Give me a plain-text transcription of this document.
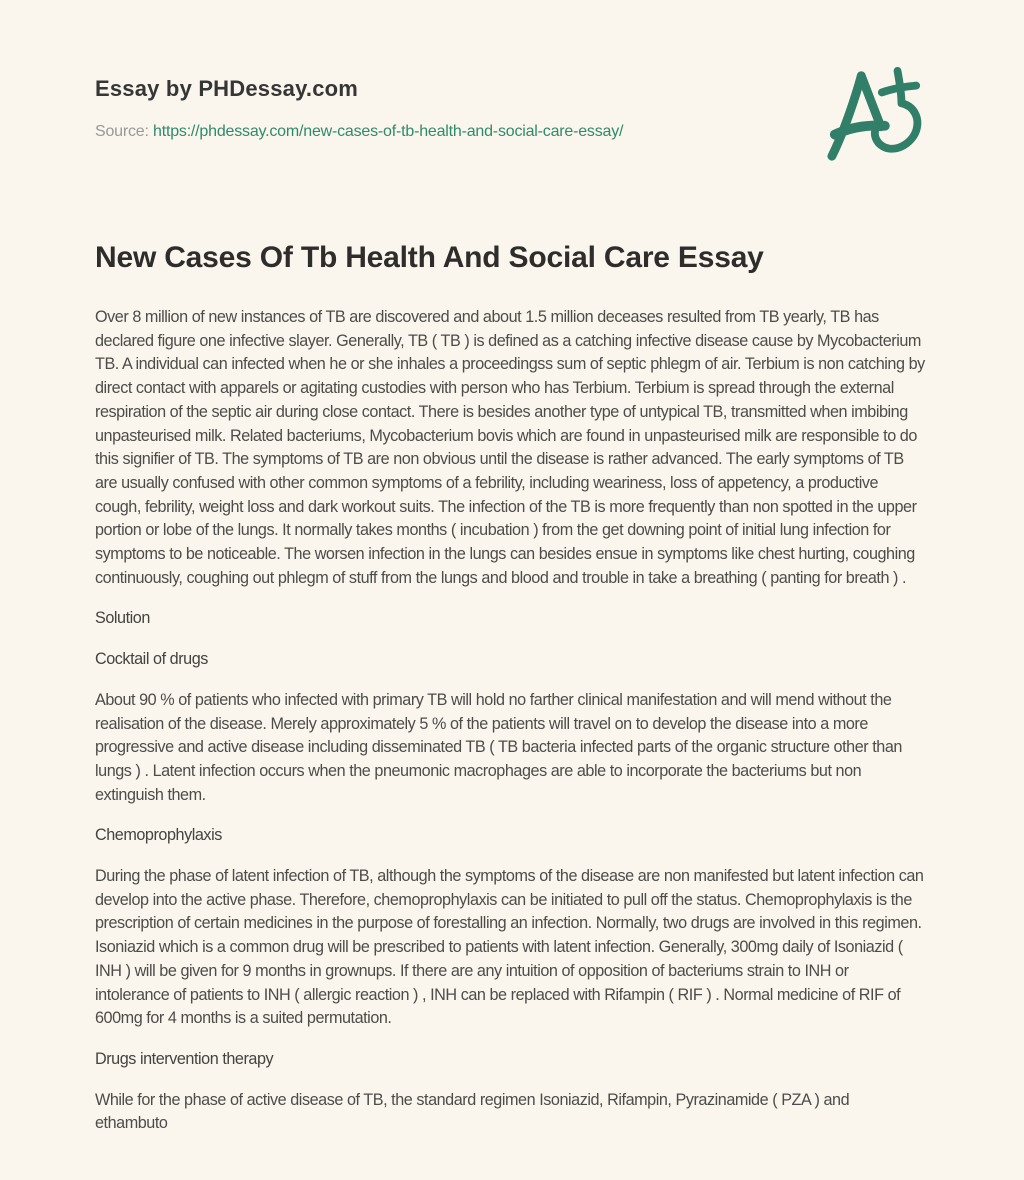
Essay by PHDessay.com
Source: https://phdessay.com/new-cases-of-tb-health-and-social-care-essay/
New Cases Of Tb Health And Social Care Essay

Over 8 million of new instances of TB are discovered and about 1.5 million deceases resulted from TB yearly, TB has declared figure one infective slayer. Generally, TB ( TB ) is defined as a catching infective disease cause by Mycobacterium TB. A individual can infected when he or she inhales a proceedingss sum of septic phlegm of air. Terbium is non catching by direct contact with apparels or agitating custodies with person who has Terbium. Terbium is spread through the external respiration of the septic air during close contact. There is besides another type of untypical TB, transmitted when imbibing unpasteurised milk. Related bacteriums, Mycobacterium bovis which are found in unpasteurised milk are responsible to do this signifier of TB. The symptoms of TB are non obvious until the disease is rather advanced. The early symptoms of TB are usually confused with other common symptoms of a febrility, including weariness, loss of appetency, a productive cough, febrility, weight loss and dark workout suits. The infection of the TB is more frequently than non spotted in the upper portion or lobe of the lungs. It normally takes months ( incubation ) from the get downing point of initial lung infection for symptoms to be noticeable. The worsen infection in the lungs can besides ensue in symptoms like chest hurting, coughing continuously, coughing out phlegm of stuff from the lungs and blood and trouble in take a breathing ( panting for breath ) .

Solution

Cocktail of drugs

About 90 % of patients who infected with primary TB will hold no farther clinical manifestation and will mend without the realisation of the disease. Merely approximately 5 % of the patients will travel on to develop the disease into a more progressive and active disease including disseminated TB ( TB bacteria infected parts of the organic structure other than lungs ) . Latent infection occurs when the pneumonic macrophages are able to incorporate the bacteriums but non extinguish them.

Chemoprophylaxis

During the phase of latent infection of TB, although the symptoms of the disease are non manifested but latent infection can develop into the active phase. Therefore, chemoprophylaxis can be initiated to pull off the status. Chemoprophylaxis is the prescription of certain medicines in the purpose of forestalling an infection. Normally, two drugs are involved in this regimen. Isoniazid which is a common drug will be prescribed to patients with latent infection. Generally, 300mg daily of Isoniazid ( INH ) will be given for 9 months in grownups. If there are any intuition of opposition of bacteriums strain to INH or intolerance of patients to INH ( allergic reaction ) , INH can be replaced with Rifampin ( RIF ) . Normal medicine of RIF of 600mg for 4 months is a suited permutation.

Drugs intervention therapy

While for the phase of active disease of TB, the standard regimen Isoniazid, Rifampin, Pyrazinamide ( PZA ) and ethambuto
